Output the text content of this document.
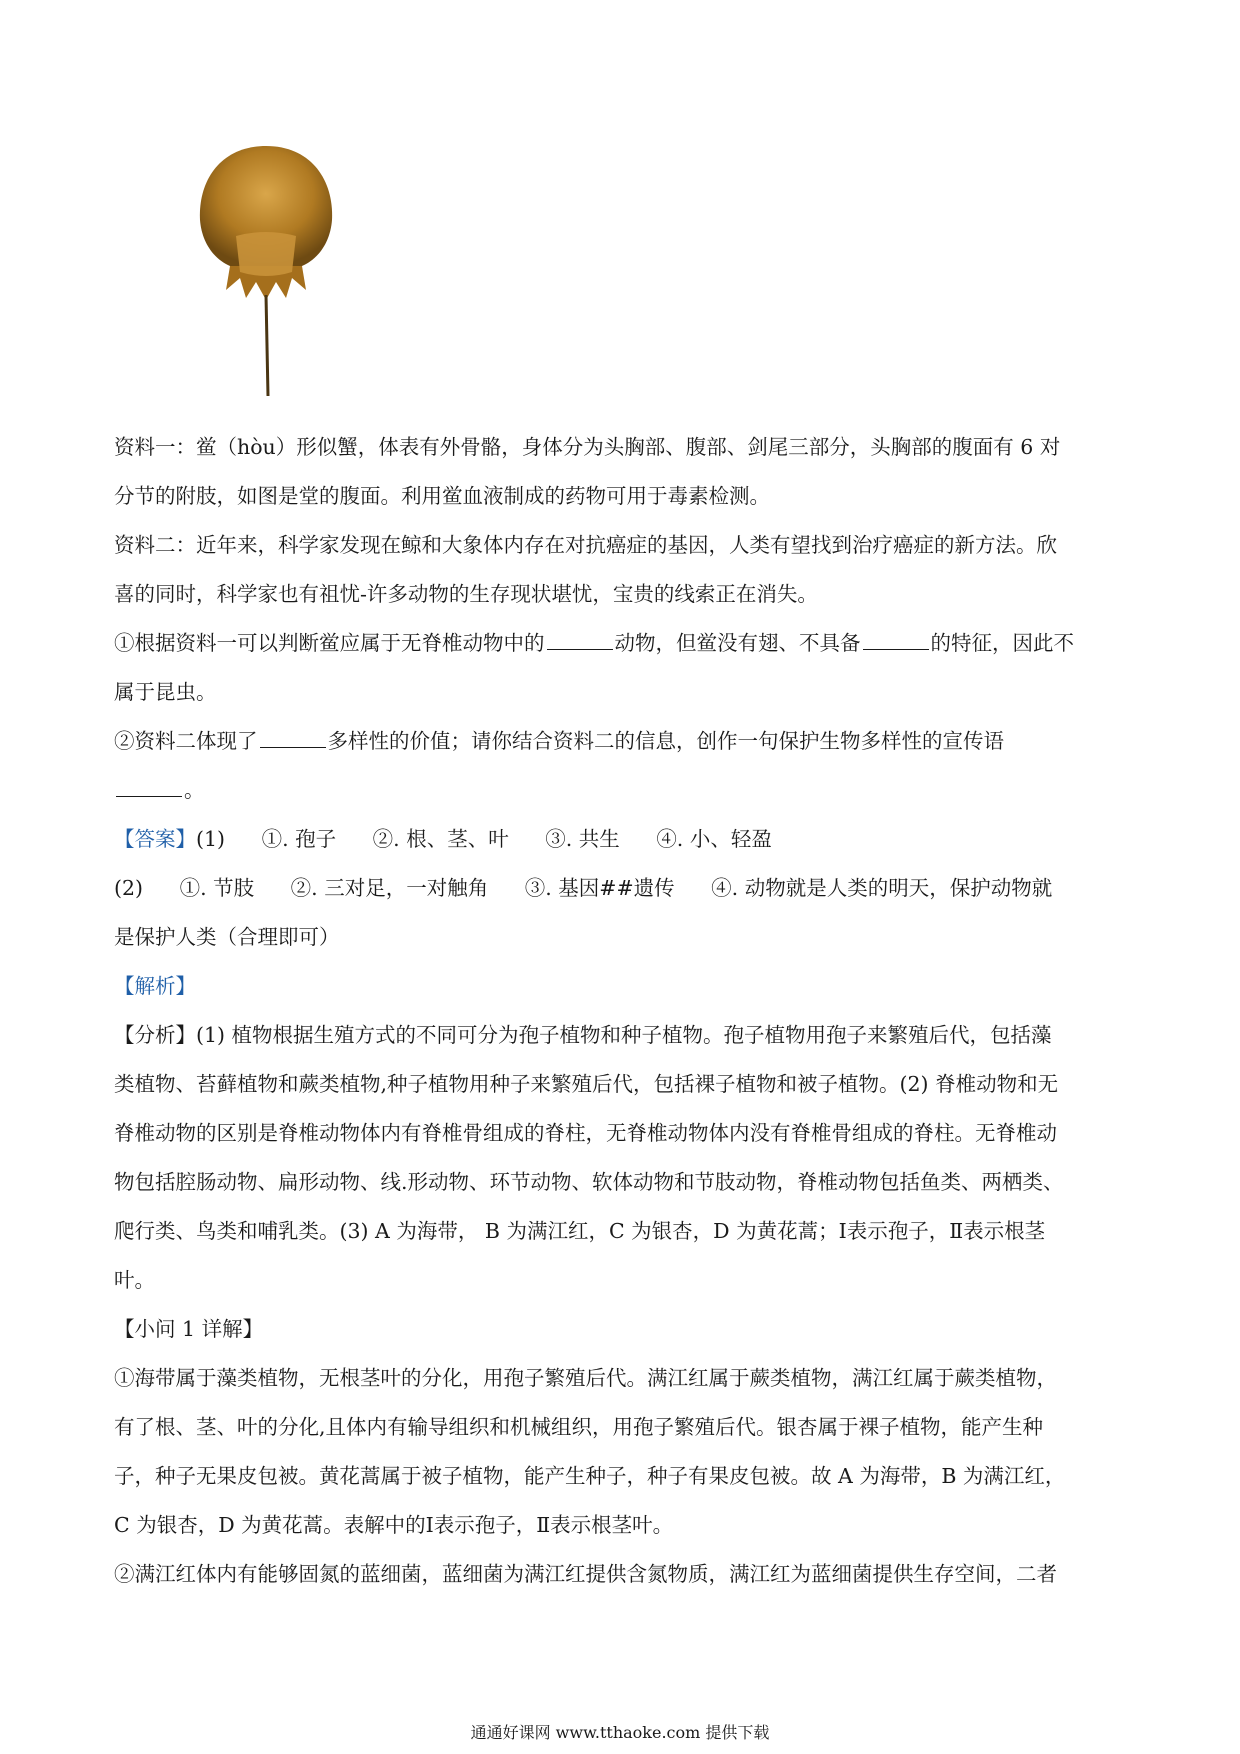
资料一：鲎（hòu）形似蟹，体表有外骨骼，身体分为头胸部、腹部、剑尾三部分，头胸部的腹面有 6 对
分节的附肢，如图是堂的腹面。利用鲎血液制成的药物可用于毒素检测。
资料二：近年来，科学家发现在鲸和大象体内存在对抗癌症的基因，人类有望找到治疗癌症的新方法。欣
喜的同时，科学家也有祖忧-许多动物的生存现状堪忧，宝贵的线索正在消失。
①根据资料一可以判断鲎应属于无脊椎动物中的	动物，但鲎没有翅、不具备	的特征，因此不
属于昆虫。
②资料二体现了	多样性的价值；请你结合资料二的信息，创作一句保护生物多样性的宣传语
。
【答案】(1) ①. 孢子 ②. 根、茎、叶 ③. 共生 ④. 小、轻盈
(2) ①. 节肢 ②. 三对足，一对触角 ③. 基因##遗传 ④. 动物就是人类的明天，保护动物就
是保护人类（合理即可）
【解析】
【分析】(1) 植物根据生殖方式的不同可分为孢子植物和种子植物。孢子植物用孢子来繁殖后代，包括藻
类植物、苔藓植物和蕨类植物,种子植物用种子来繁殖后代，包括裸子植物和被子植物。(2) 脊椎动物和无
脊椎动物的区别是脊椎动物体内有脊椎骨组成的脊柱，无脊椎动物体内没有脊椎骨组成的脊柱。无脊椎动
物包括腔肠动物、扁形动物、线.形动物、环节动物、软体动物和节肢动物，脊椎动物包括鱼类、两栖类、
爬行类、鸟类和哺乳类。(3) A 为海带， B 为满江红，C 为银杏，D 为黄花蒿；Ⅰ表示孢子，Ⅱ表示根茎
叶。
【小问 1 详解】
①海带属于藻类植物，无根茎叶的分化，用孢子繁殖后代。满江红属于蕨类植物，满江红属于蕨类植物，
有了根、茎、叶的分化,且体内有输导组织和机械组织，用孢子繁殖后代。银杏属于裸子植物，能产生种
子，种子无果皮包被。黄花蒿属于被子植物，能产生种子，种子有果皮包被。故 A 为海带，B 为满江红，
C 为银杏，D 为黄花蒿。表解中的Ⅰ表示孢子，Ⅱ表示根茎叶。
②满江红体内有能够固氮的蓝细菌，蓝细菌为满江红提供含氮物质，满江红为蓝细菌提供生存空间，二者
通通好课网 www.tthaoke.com 提供下载
